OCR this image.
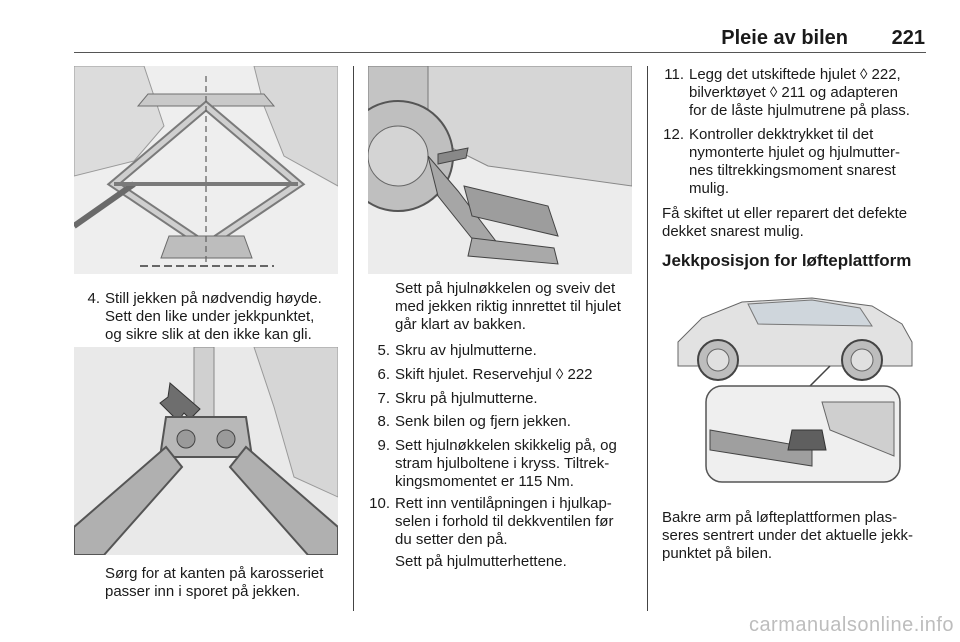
Pleie av bilen	221
4. Still jekken på nødvendig høyde.
Sett den like under jekkpunktet,
og sikre slik at den ikke kan gli.
Sørg for at kanten på karosseriet
passer inn i sporet på jekken.
Sett på hjulnøkkelen og sveiv det
med jekken riktig innrettet til hjulet
går klart av bakken.
5. Skru av hjulmutterne.
6. Skift hjulet. Reservehjul ◊ 222
7. Skru på hjulmutterne.
8. Senk bilen og fjern jekken.
9. Sett hjulnøkkelen skikkelig på, og
stram hjulboltene i kryss. Tiltrek-
kingsmomentet er 115 Nm.
10. Rett inn ventilåpningen i hjulkap-
selen i forhold til dekkventilen før
du setter den på.
Sett på hjulmutterhettene.
11. Legg det utskiftede hjulet ◊ 222,
bilverktøyet ◊ 211 og adapteren
for de låste hjulmutrene på plass.
12. Kontroller dekktrykket til det
nymonterte hjulet og hjulmutter-
nes tiltrekkingsmoment snarest
mulig.
Få skiftet ut eller reparert det defekte
dekket snarest mulig.
Jekkposisjon for løfteplattform
Bakre arm på løfteplattformen plas-
seres sentrert under det aktuelle jekk-
punktet på bilen.
carmanualsonline.info
